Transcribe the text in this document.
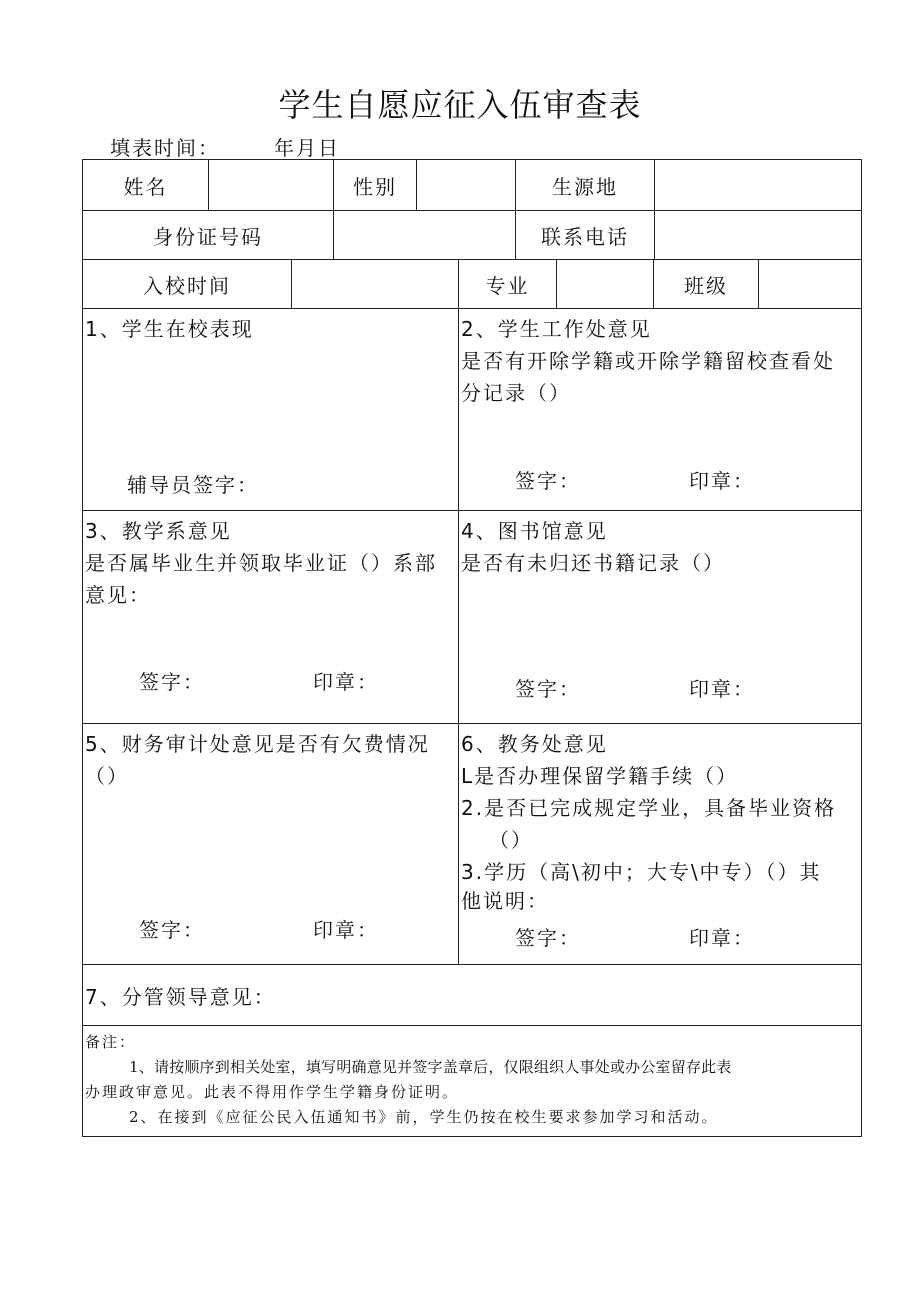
学生自愿应征入伍审查表
填表时间：	年月日
姓名	性别	生源地
身份证号码	联系电话
入校时间	专业	班级
1、学生在校表现
辅导员签字：
2、学生工作处意见
是否有开除学籍或开除学籍留校查看处
分记录（）
签字：	印章：
3、教学系意见
是否属毕业生并领取毕业证（）系部
意见：
签字：	印章：
4、图书馆意见
是否有未归还书籍记录（）
签字：	印章：
5、财务审计处意见是否有欠费情况
（）
签字：	印章：
6、教务处意见
L是否办理保留学籍手续（）
2.是否已完成规定学业，具备毕业资格
（）
3.学历（高\初中；大专\中专）（）其
他说明：
签字：	印章：
7、分管领导意见：
备注：
1、请按顺序到相关处室，填写明确意见并签字盖章后，仅限组织人事处或办公室留存此表
办理政审意见。此表不得用作学生学籍身份证明。
2、在接到《应征公民入伍通知书》前，学生仍按在校生要求参加学习和活动。
